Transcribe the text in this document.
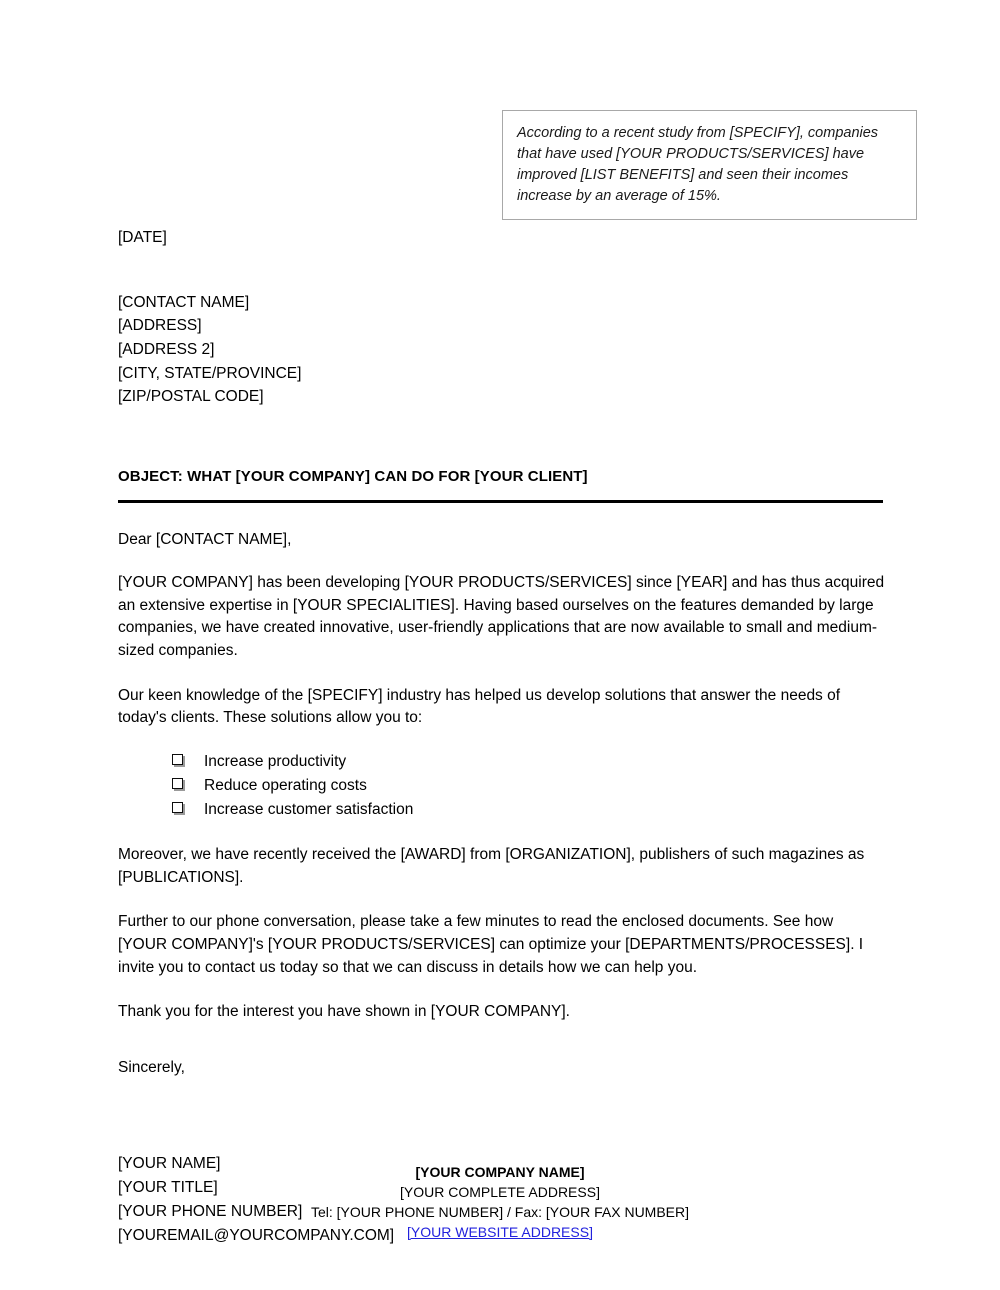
According to a recent study from [SPECIFY], companies that have used [YOUR PRODUCTS/SERVICES] have improved [LIST BENEFITS] and seen their incomes increase by an average of 15%.

[DATE]
[CONTACT NAME]
[ADDRESS]
[ADDRESS 2]
[CITY, STATE/PROVINCE]
[ZIP/POSTAL CODE]
OBJECT: WHAT [YOUR COMPANY] CAN DO FOR [YOUR CLIENT]
Dear [CONTACT NAME],

[YOUR COMPANY] has been developing [YOUR PRODUCTS/SERVICES] since [YEAR] and has thus acquired an extensive expertise in [YOUR SPECIALITIES]. Having based ourselves on the features demanded by large companies, we have created innovative, user-friendly applications that are now available to small and medium-sized companies.

Our keen knowledge of the [SPECIFY] industry has helped us develop solutions that answer the needs of today's clients. These solutions allow you to:

Increase productivity
Reduce operating costs
Increase customer satisfaction

Moreover, we have recently received the [AWARD] from [ORGANIZATION], publishers of such magazines as [PUBLICATIONS].

Further to our phone conversation, please take a few minutes to read the enclosed documents. See how [YOUR COMPANY]'s [YOUR PRODUCTS/SERVICES] can optimize your [DEPARTMENTS/PROCESSES]. I invite you to contact us today so that we can discuss in details how we can help you.

Thank you for the interest you have shown in [YOUR COMPANY].

Sincerely,
[YOUR NAME]
[YOUR TITLE]
[YOUR PHONE NUMBER]
[YOUREMAIL@YOURCOMPANY.COM]
[YOUR COMPANY NAME]
[YOUR COMPLETE ADDRESS]
Tel: [YOUR PHONE NUMBER] / Fax: [YOUR FAX NUMBER]
[YOUR WEBSITE ADDRESS]
